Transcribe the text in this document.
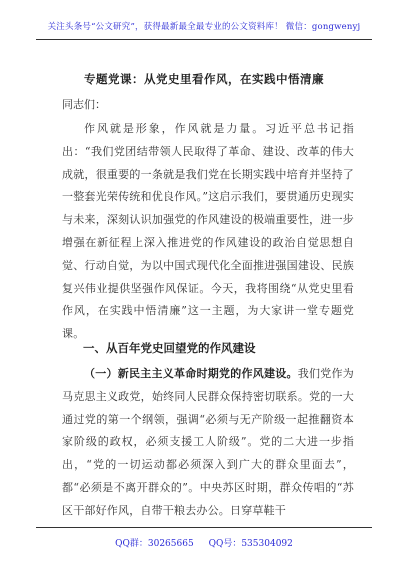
关注头条号“公文研究”，获得最新最全最专业的公文资料库！ 微信：gongwenyj
专题党课：从党史里看作风，在实践中悟清廉
同志们：

作风就是形象，作风就是力量。习近平总书记指出：“我们党团结带领人民取得了革命、建设、改革的伟大成就，很重要的一条就是我们党在长期实践中培育并坚持了一整套光荣传统和优良作风。”这启示我们，要贯通历史现实与未来，深刻认识加强党的作风建设的极端重要性，进一步增强在新征程上深入推进党的作风建设的政治自觉思想自觉、行动自觉，为以中国式现代化全面推进强国建设、民族复兴伟业提供坚强作风保证。今天，我将围绕“从党史里看作风，在实践中悟清廉”这一主题，为大家讲一堂专题党课。

一、从百年党史回望党的作风建设

（一）新民主主义革命时期党的作风建设。我们党作为马克思主义政党，始终同人民群众保持密切联系。党的一大通过党的第一个纲领，强调“必须与无产阶级一起推翻资本家阶级的政权，必须支援工人阶级”。党的二大进一步指出，“党的一切运动都必须深入到广大的群众里面去”，都“必须是不离开群众的”。中央苏区时期，群众传唱的“苏区干部好作风，自带干粮去办公。日穿草鞋干

QQ群：30265665 QQ号：535304092
